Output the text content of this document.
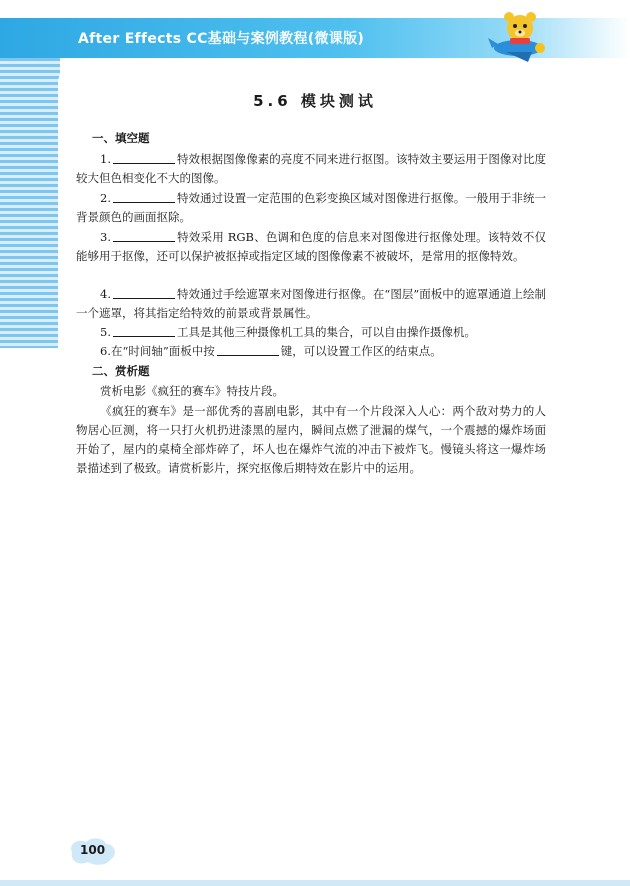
After Effects CC基础与案例教程(微课版)
5.6 模块测试
一、填空题
1.	特效根据图像像素的亮度不同来进行抠图。该特效主要运用于图像对比度较大但色相变化不大的图像。
2.	特效通过设置一定范围的色彩变换区域对图像进行抠像。一般用于非统一背景颜色的画面抠除。
3.	特效采用 RGB、色调和色度的信息来对图像进行抠像处理。该特效不仅能够用于抠像，还可以保护被抠掉或指定区域的图像像素不被破坏，是常用的抠像特效。
4.	特效通过手绘遮罩来对图像进行抠像。在“图层”面板中的遮罩通道上绘制一个遮罩，将其指定给特效的前景或背景属性。
5.	工具是其他三种摄像机工具的集合，可以自由操作摄像机。
6.在“时间轴”面板中按	键，可以设置工作区的结束点。
二、赏析题
赏析电影《疯狂的赛车》特技片段。
《疯狂的赛车》是一部优秀的喜剧电影，其中有一个片段深入人心：两个敌对势力的人物居心叵测，将一只打火机扔进漆黑的屋内，瞬间点燃了泄漏的煤气，一个震撼的爆炸场面开始了，屋内的桌椅全部炸碎了，坏人也在爆炸气流的冲击下被炸飞。慢镜头将这一爆炸场景描述到了极致。请赏析影片，探究抠像后期特效在影片中的运用。
100
